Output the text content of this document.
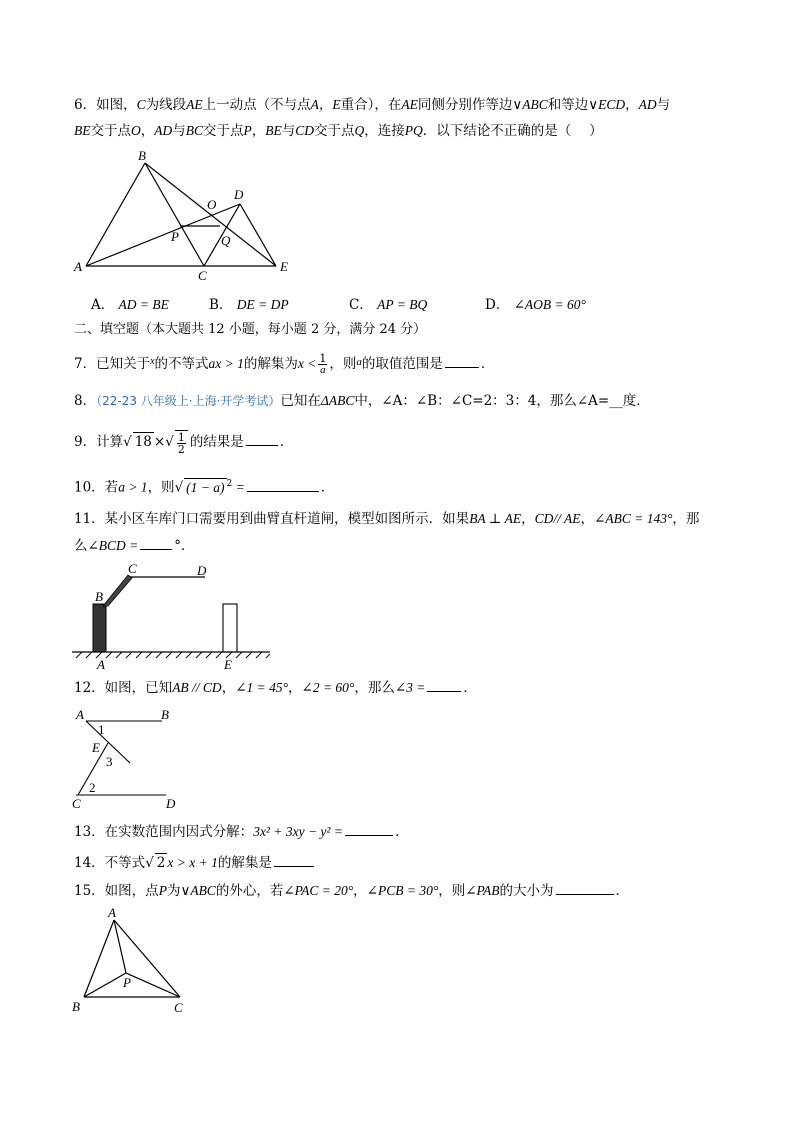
6．如图，C为线段AE上一动点（不与点A，E重合），在AE同侧分别作等边∨ABC和等边∨ECD，AD与
BE交于点O，AD与BC交于点P，BE与CD交于点Q，连接PQ．以下结论不正确的是（　 ）
B
D
O
P	Q
A
C
E
A． AD = BE	B． DE = DP	C． AP = BQ	D． ∠AOB = 60°
二、填空题（本大题共 12 小题，每小题 2 分，满分 24 分）
7．已知关于$^x$的不等式ax > 1的解集为$x < \frac{1}{a}$ ，则$^a$的取值范围是	．
8．（22-23 八年级上·上海·开学考试）已知在ΔABC中，∠A：∠B：∠C=2：3：4，那么∠A=__度．
9．计算√ 18 ×√ $\frac{1}{2}$ 的结果是	．
10．若a > 1，则√ (1 − a) $^2$ =	．
11．某小区车库门口需要用到曲臂直杆道闸，模型如图所示．如果BA ⊥ AE，CD// AE，∠ABC = 143°，那
么∠BCD =	°．
C	D
B
A	E
12．如图，已知AB // CD，∠1 = 45°，∠2 = 60°，那么∠3 =	．
A	B
1
E
3
2
C	D
13．在实数范围内因式分解：3x² + 3xy − y² =	．
14．不等式√ 2 x > x + 1的解集是
15．如图，点P为∨ABC的外心，若∠PAC = 20°，∠PCB = 30°，则∠PAB的大小为	．
A
P
B	C
